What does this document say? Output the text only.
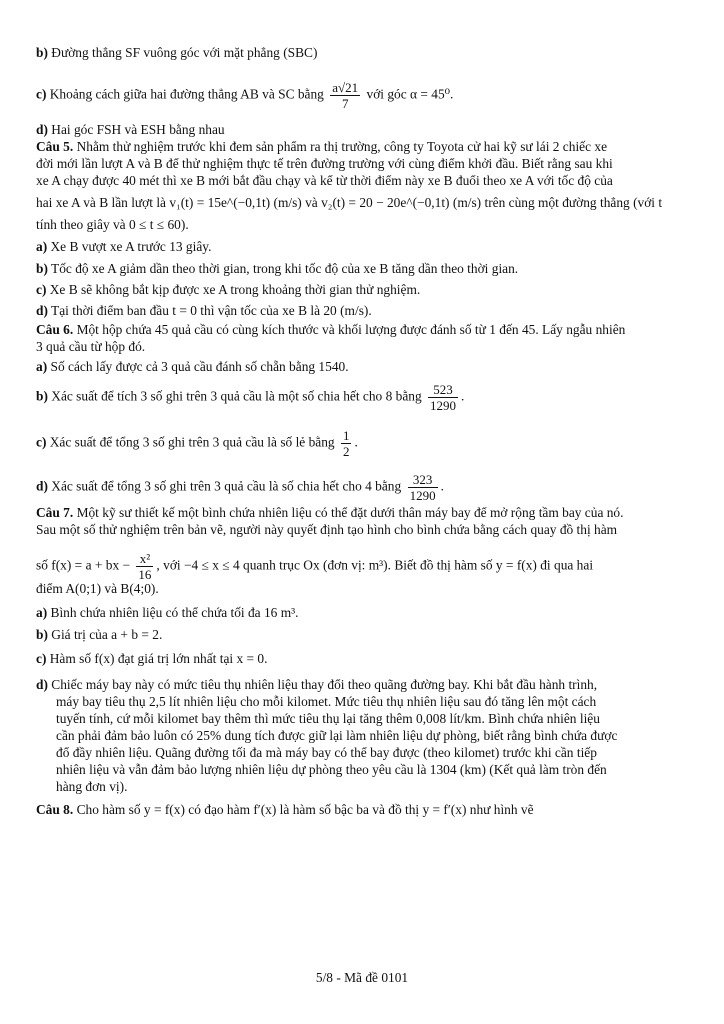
b) Đường thẳng SF vuông góc với mặt phẳng (SBC)
c) Khoảng cách giữa hai đường thẳng AB và SC bằng $\frac{a√21}{7}$ với góc α = 45⁰.
d) Hai góc FSH và ESH bằng nhau
Câu 5. Nhằm thử nghiệm trước khi đem sản phẩm ra thị trường, công ty Toyota cử hai kỹ sư lái 2 chiếc xe
đời mới lần lượt A và B để thử nghiệm thực tế trên đường trường với cùng điểm khởi đầu. Biết rằng sau khi
xe A chạy được 40 mét thì xe B mới bắt đầu chạy và kể từ thời điểm này xe B đuổi theo xe A với tốc độ của
hai xe A và B lần lượt là v₁(t) = 15e^(−0,1t) (m/s) và v₂(t) = 20 − 20e^(−0,1t) (m/s) trên cùng một đường thẳng (với t
tính theo giây và 0 ≤ t ≤ 60).
a) Xe B vượt xe A trước 13 giây.
b) Tốc độ xe A giảm dần theo thời gian, trong khi tốc độ của xe B tăng dần theo thời gian.
c) Xe B sẽ không bắt kịp được xe A trong khoảng thời gian thử nghiệm.
d) Tại thời điểm ban đầu t = 0 thì vận tốc của xe B là 20 (m/s).
Câu 6. Một hộp chứa 45 quả cầu có cùng kích thước và khối lượng được đánh số từ 1 đến 45. Lấy ngẫu nhiên
3 quả cầu từ hộp đó.
a) Số cách lấy được cả 3 quả cầu đánh số chẵn bằng 1540.
b) Xác suất để tích 3 số ghi trên 3 quả cầu là một số chia hết cho 8 bằng $\frac{523}{1290}$ .
c) Xác suất để tổng 3 số ghi trên 3 quả cầu là số lẻ bằng $\frac{1}{2}$ .
d) Xác suất để tổng 3 số ghi trên 3 quả cầu là số chia hết cho 4 bằng $\frac{323}{1290}$ .
Câu 7. Một kỹ sư thiết kế một bình chứa nhiên liệu có thể đặt dưới thân máy bay để mở rộng tầm bay của nó.
Sau một số thử nghiệm trên bản vẽ, người này quyết định tạo hình cho bình chứa bằng cách quay đồ thị hàm
số f(x) = a + bx − $\frac{\text{x²}}{16}$ , với −4 ≤ x ≤ 4 quanh trục Ox (đơn vị: m³). Biết đồ thị hàm số y = f(x) đi qua hai
điểm A(0;1) và B(4;0).
a) Bình chứa nhiên liệu có thể chứa tối đa 16 m³.
b) Giá trị của a + b = 2.
c) Hàm số f(x) đạt giá trị lớn nhất tại x = 0.
d) Chiếc máy bay này có mức tiêu thụ nhiên liệu thay đổi theo quãng đường bay. Khi bắt đầu hành trình,
máy bay tiêu thụ 2,5 lít nhiên liệu cho mỗi kilomet. Mức tiêu thụ nhiên liệu sau đó tăng lên một cách
tuyến tính, cứ mỗi kilomet bay thêm thì mức tiêu thụ lại tăng thêm 0,008 lít/km. Bình chứa nhiên liệu
cần phải đảm bảo luôn có 25% dung tích được giữ lại làm nhiên liệu dự phòng, biết rằng bình chứa được
đổ đầy nhiên liệu. Quãng đường tối đa mà máy bay có thể bay được (theo kilomet) trước khi cần tiếp
nhiên liệu và vẫn đảm bảo lượng nhiên liệu dự phòng theo yêu cầu là 1304 (km) (Kết quả làm tròn đến
hàng đơn vị).
Câu 8. Cho hàm số y = f(x) có đạo hàm f′(x) là hàm số bậc ba và đồ thị y = f′(x) như hình vẽ
5/8 - Mã đề 0101
